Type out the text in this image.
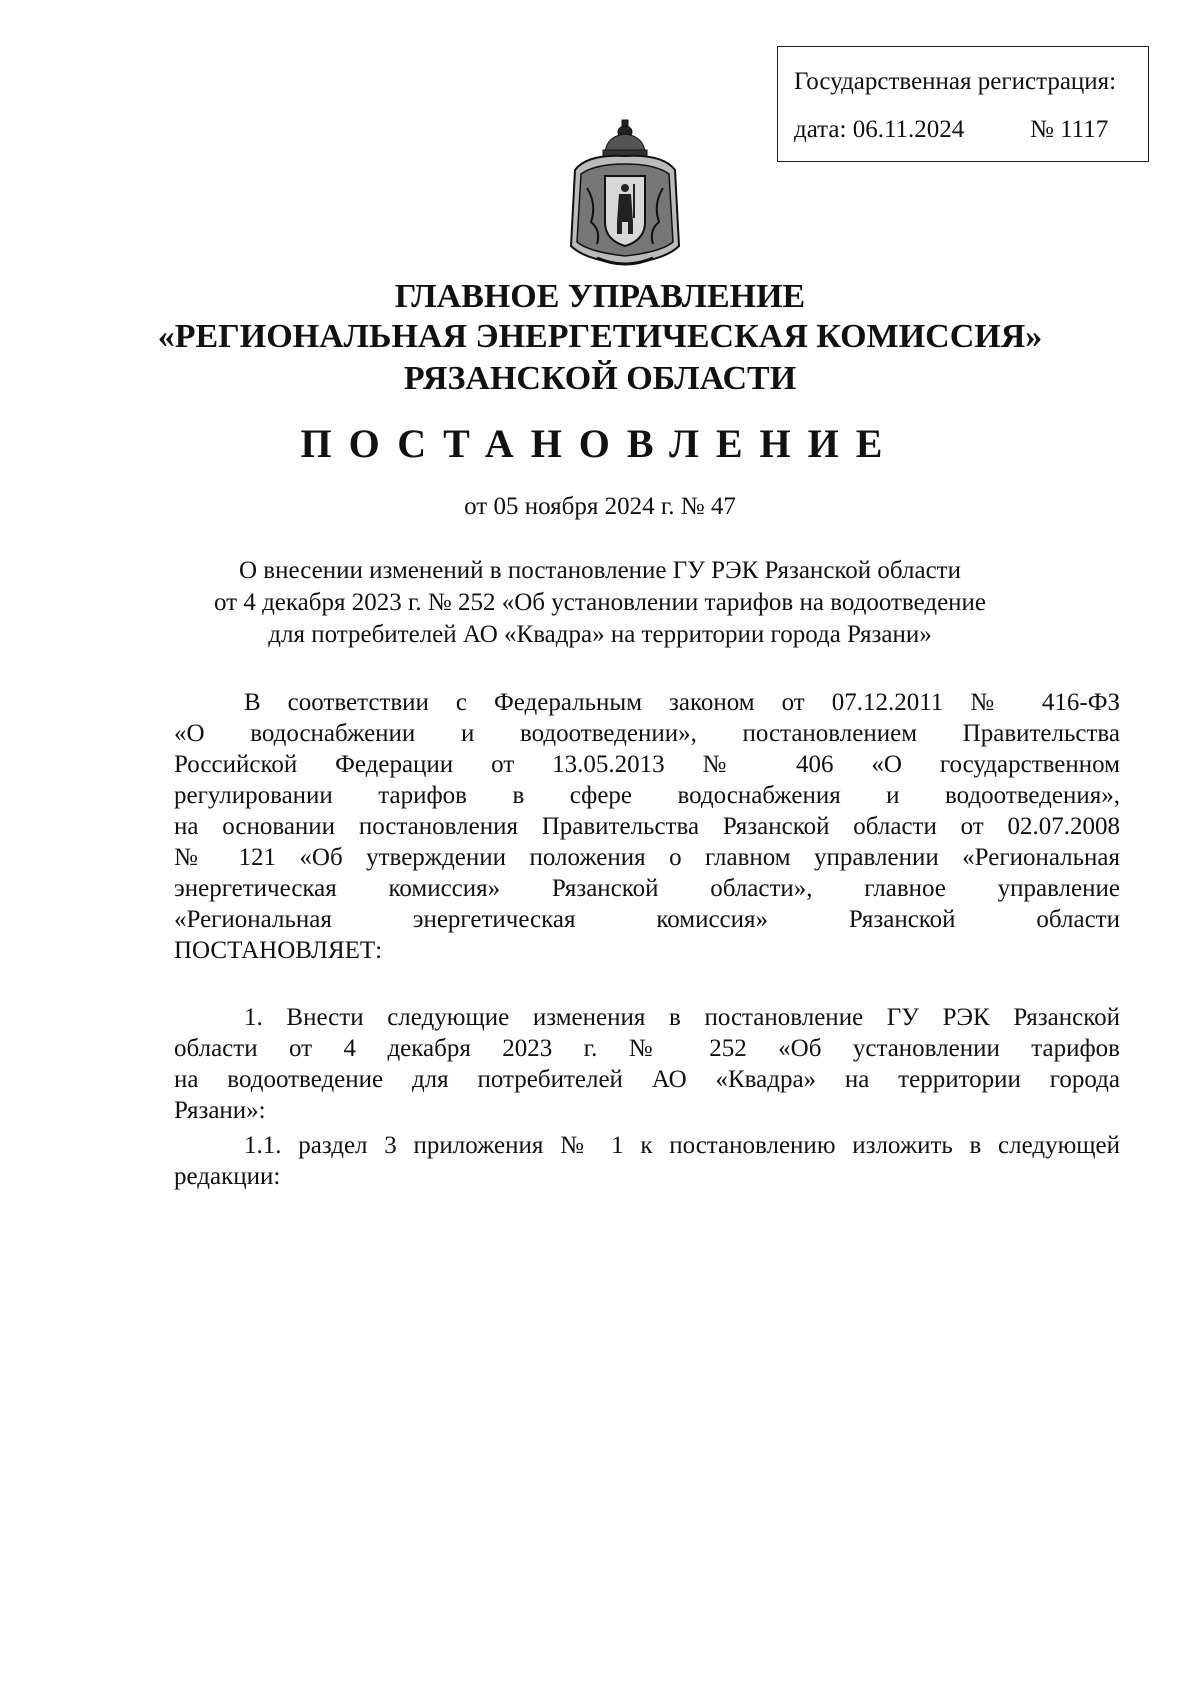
Государственная регистрация:
дата: 06.11.2024	№ 1117
ГЛАВНОЕ УПРАВЛЕНИЕ
«РЕГИОНАЛЬНАЯ ЭНЕРГЕТИЧЕСКАЯ КОМИССИЯ»
РЯЗАНСКОЙ ОБЛАСТИ
ПОСТАНОВЛЕНИЕ
от 05 ноября 2024 г. № 47
О внесении изменений в постановление ГУ РЭК Рязанской области
от 4 декабря 2023 г. № 252 «Об установлении тарифов на водоотведение
для потребителей АО «Квадра» на территории города Рязани»
В соответствии с Федеральным законом от 07.12.2011 № 416-ФЗ
«О водоснабжении и водоотведении», постановлением Правительства
Российской Федерации от 13.05.2013 № 406 «О государственном
регулировании тарифов в сфере водоснабжения и водоотведения»,
на основании постановления Правительства Рязанской области от 02.07.2008
№ 121 «Об утверждении положения о главном управлении «Региональная
энергетическая комиссия» Рязанской области», главное управление
«Региональная энергетическая комиссия» Рязанской области
ПОСТАНОВЛЯЕТ:
1. Внести следующие изменения в постановление ГУ РЭК Рязанской
области от 4 декабря 2023 г. № 252 «Об установлении тарифов
на водоотведение для потребителей АО «Квадра» на территории города
Рязани»:
1.1. раздел 3 приложения № 1 к постановлению изложить в следующей
редакции:
